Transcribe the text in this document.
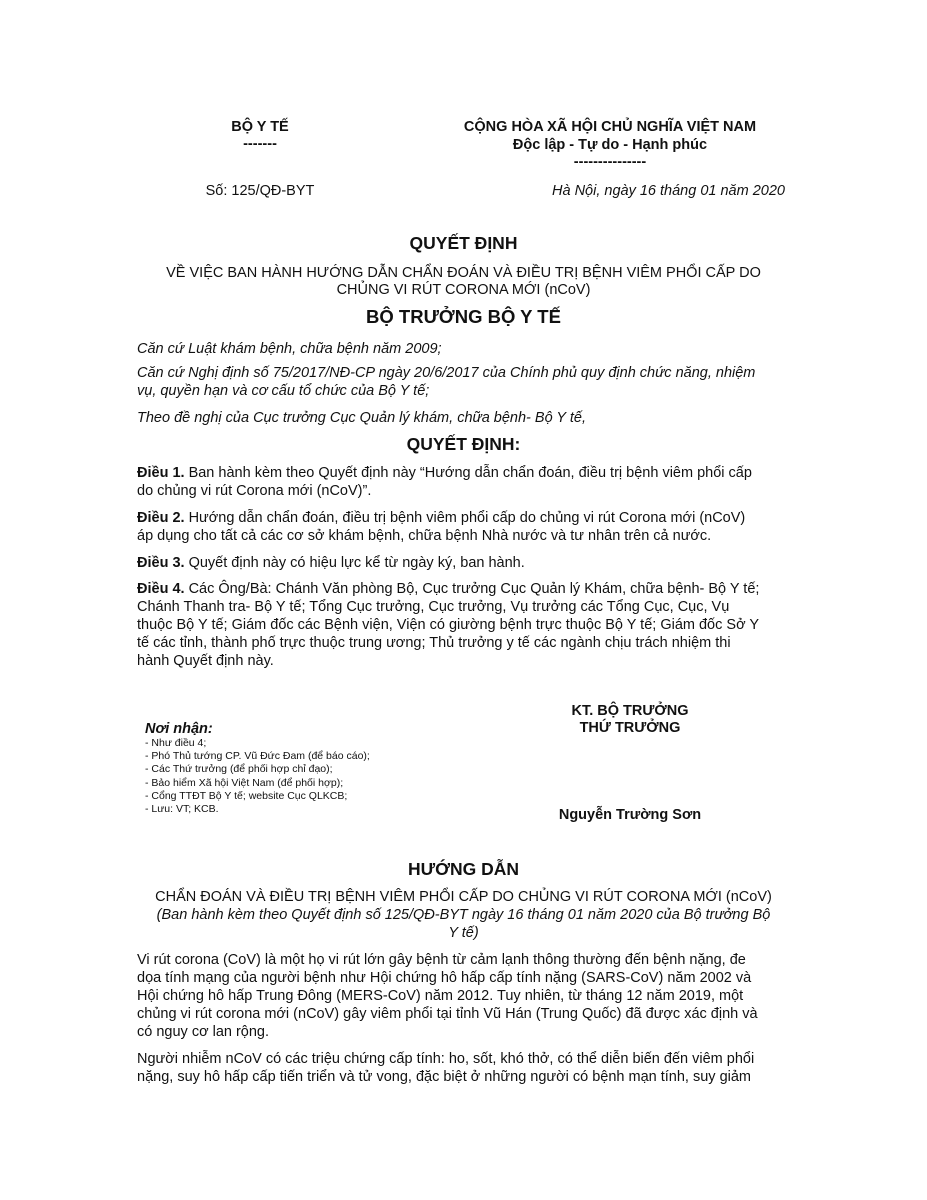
BỘ Y TẾ
-------
CỘNG HÒA XÃ HỘI CHỦ NGHĨA VIỆT NAM
Độc lập - Tự do - Hạnh phúc
---------------
Số: 125/QĐ-BYT	Hà Nội, ngày 16 tháng 01 năm 2020
QUYẾT ĐỊNH
VỀ VIỆC BAN HÀNH HƯỚNG DẪN CHẨN ĐOÁN VÀ ĐIỀU TRỊ BỆNH VIÊM PHỔI CẤP DO
CHỦNG VI RÚT CORONA MỚI (nCoV)
BỘ TRƯỞNG BỘ Y TẾ
Căn cứ Luật khám bệnh, chữa bệnh năm 2009;
Căn cứ Nghị định số 75/2017/NĐ-CP ngày 20/6/2017 của Chính phủ quy định chức năng, nhiệm
vụ, quyền hạn và cơ cấu tổ chức của Bộ Y tế;
Theo đề nghị của Cục trưởng Cục Quản lý khám, chữa bệnh- Bộ Y tế,
QUYẾT ĐỊNH:
Điều 1. Ban hành kèm theo Quyết định này “Hướng dẫn chẩn đoán, điều trị bệnh viêm phổi cấp
do chủng vi rút Corona mới (nCoV)”.
Điều 2. Hướng dẫn chẩn đoán, điều trị bệnh viêm phổi cấp do chủng vi rút Corona mới (nCoV)
áp dụng cho tất cả các cơ sở khám bệnh, chữa bệnh Nhà nước và tư nhân trên cả nước.
Điều 3. Quyết định này có hiệu lực kể từ ngày ký, ban hành.
Điều 4. Các Ông/Bà: Chánh Văn phòng Bộ, Cục trưởng Cục Quản lý Khám, chữa bệnh- Bộ Y tế;
Chánh Thanh tra- Bộ Y tế; Tổng Cục trưởng, Cục trưởng, Vụ trưởng các Tổng Cục, Cục, Vụ
thuộc Bộ Y tế; Giám đốc các Bệnh viện, Viện có giường bệnh trực thuộc Bộ Y tế; Giám đốc Sở Y
tế các tỉnh, thành phố trực thuộc trung ương; Thủ trưởng y tế các ngành chịu trách nhiệm thi
hành Quyết định này.
Nơi nhận:
- Như điều 4;
- Phó Thủ tướng CP. Vũ Đức Đam (để báo cáo);
- Các Thứ trưởng (để phối hợp chỉ đạo);
- Bảo hiểm Xã hội Việt Nam (để phối hợp);
- Cổng TTĐT Bộ Y tế; website Cục QLKCB;
- Lưu: VT; KCB.
KT. BỘ TRƯỞNG
THỨ TRƯỞNG
Nguyễn Trường Sơn
HƯỚNG DẪN
CHẨN ĐOÁN VÀ ĐIỀU TRỊ BỆNH VIÊM PHỔI CẤP DO CHỦNG VI RÚT CORONA MỚI (nCoV)
(Ban hành kèm theo Quyết định số 125/QĐ-BYT ngày 16 tháng 01 năm 2020 của Bộ trưởng Bộ
Y tế)
Vi rút corona (CoV) là một họ vi rút lớn gây bệnh từ cảm lạnh thông thường đến bệnh nặng, đe
dọa tính mạng của người bệnh như Hội chứng hô hấp cấp tính nặng (SARS-CoV) năm 2002 và
Hội chứng hô hấp Trung Đông (MERS-CoV) năm 2012. Tuy nhiên, từ tháng 12 năm 2019, một
chủng vi rút corona mới (nCoV) gây viêm phổi tại tỉnh Vũ Hán (Trung Quốc) đã được xác định và
có nguy cơ lan rộng.
Người nhiễm nCoV có các triệu chứng cấp tính: ho, sốt, khó thở, có thể diễn biến đến viêm phổi
nặng, suy hô hấp cấp tiến triển và tử vong, đặc biệt ở những người có bệnh mạn tính, suy giảm
